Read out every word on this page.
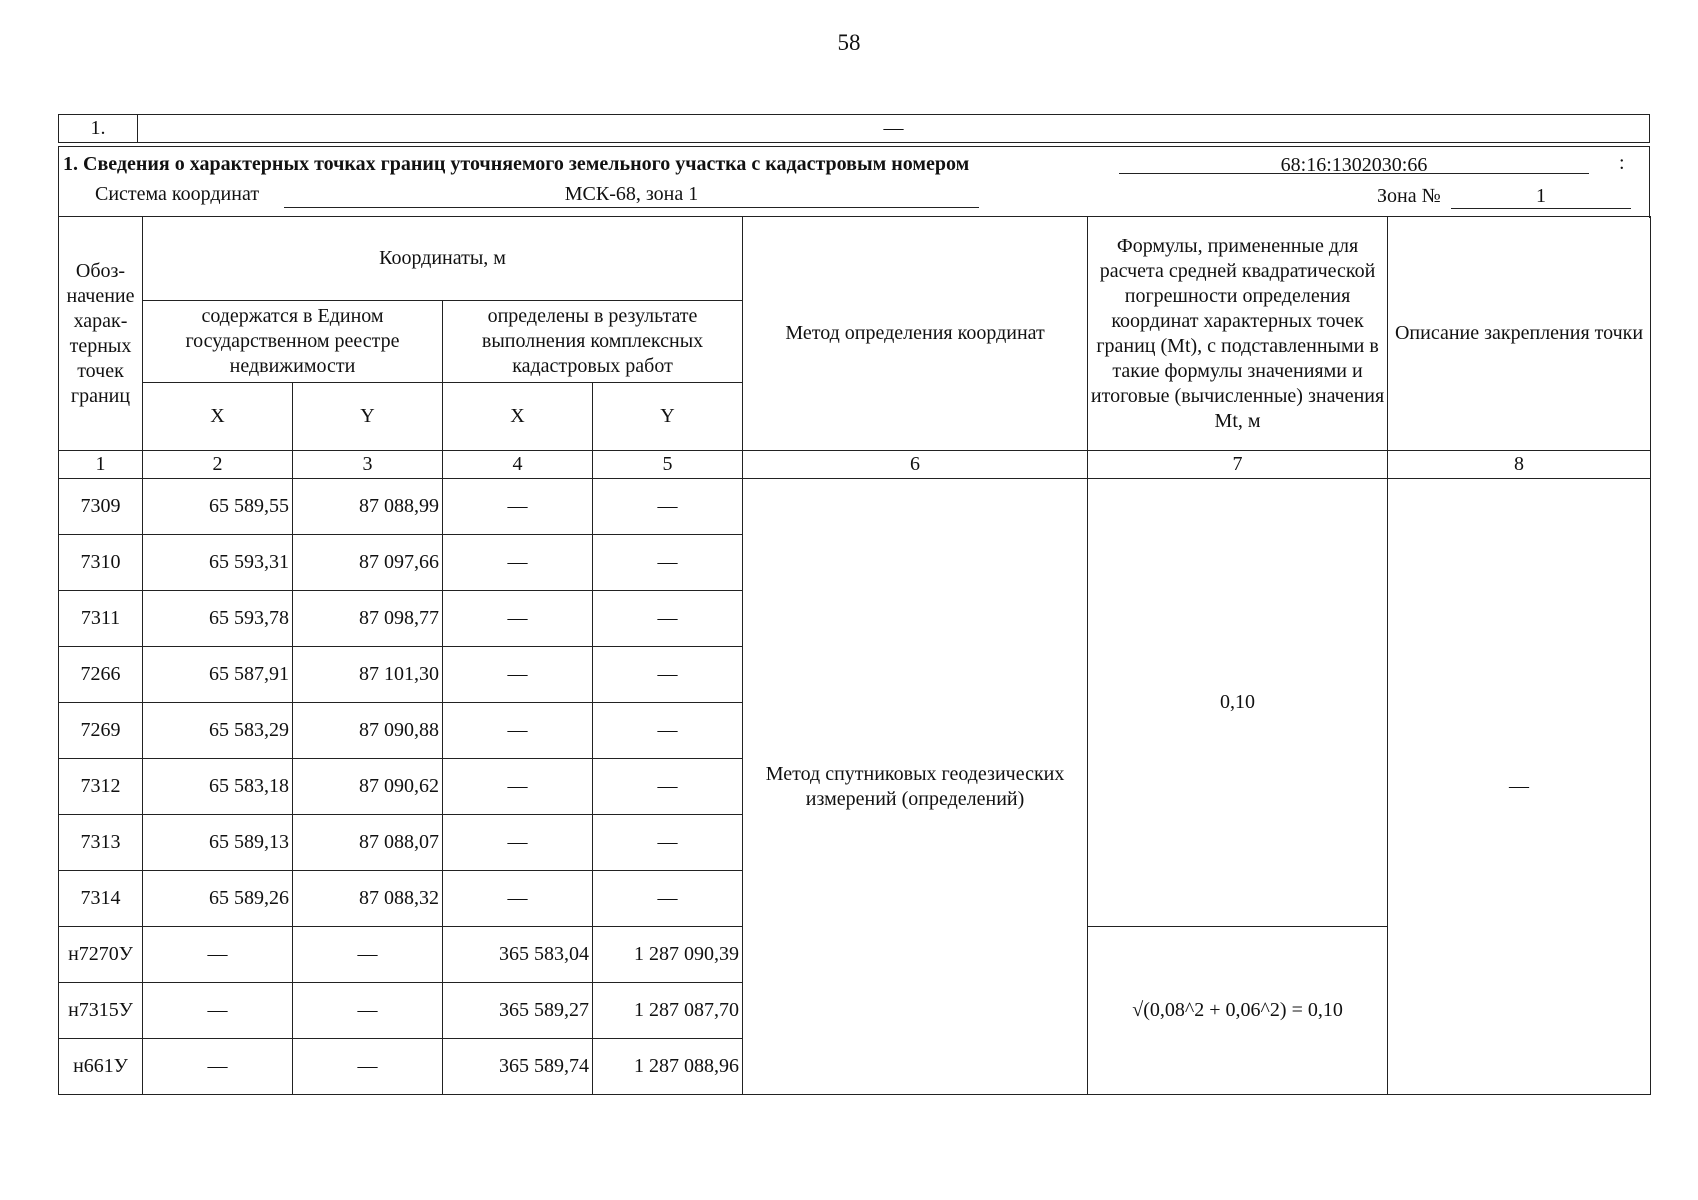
58
1.	—
1. Сведения о характерных точках границ уточняемого земельного участка с кадастровым номером	68:16:1302030:66	:
Система координат	МСК-68, зона 1	Зона №	1
Обоз-начение харак-терных точек границ	Координаты, м				Метод определения координат	Формулы, примененные для расчета средней квадратической погрешности определения координат характерных точек границ (Mt), с подставленными в такие формулы значениями и итоговые (вычисленные) значения Mt, м	Описание закрепления точки
	содержатся в Едином государственном реестре недвижимости		определены в результате выполнения комплексных кадастровых работ				
	X	Y	X	Y			
1	2	3	4	5	6	7	8
7309	65 589,55	87 088,99	—	—	Метод спутниковых геодезических измерений (определений)	0,10	—
7310	65 593,31	87 097,66	—	—			
7311	65 593,78	87 098,77	—	—			
7266	65 587,91	87 101,30	—	—			
7269	65 583,29	87 090,88	—	—			
7312	65 583,18	87 090,62	—	—			
7313	65 589,13	87 088,07	—	—			
7314	65 589,26	87 088,32	—	—			
н7270У	—	—	365 583,04	1 287 090,39		√(0,08^2 + 0,06^2) = 0,10	
н7315У	—	—	365 589,27	1 287 087,70			
н661У	—	—	365 589,74	1 287 088,96			
